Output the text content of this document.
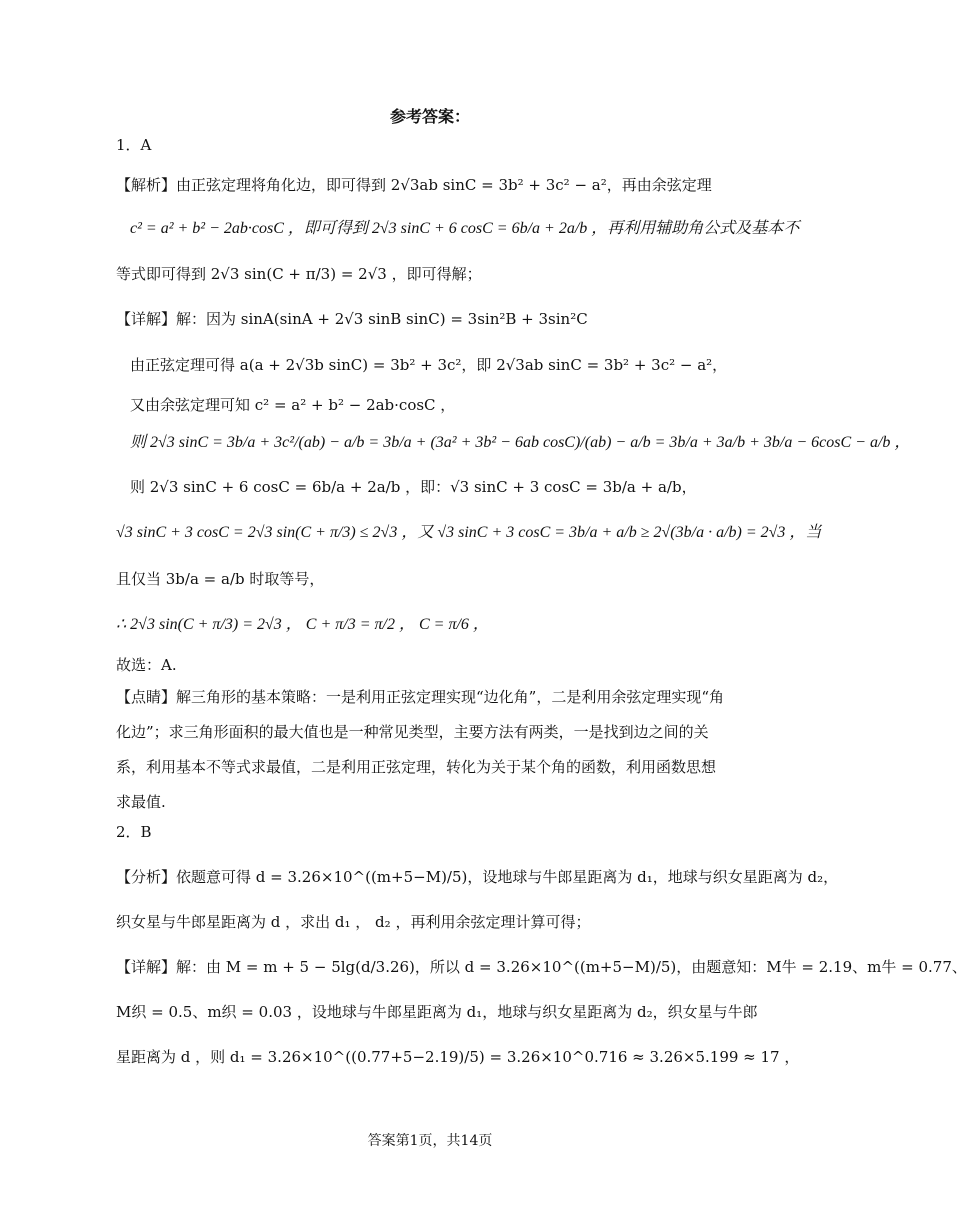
参考答案：
1．A
【解析】由正弦定理将角化边，即可得到 2√3ab sinC = 3b² + 3c² − a²，再由余弦定理
c² = a² + b² − 2ab·cosC ，即可得到 2√3 sinC + 6 cosC = 6b/a + 2a/b ，再利用辅助角公式及基本不
等式即可得到 2√3 sin(C + π/3) = 2√3 ，即可得解；
【详解】解：因为 sinA(sinA + 2√3 sinB sinC) = 3sin²B + 3sin²C
由正弦定理可得 a(a + 2√3b sinC) = 3b² + 3c²，即 2√3ab sinC = 3b² + 3c² − a²，
又由余弦定理可知 c² = a² + b² − 2ab·cosC ，
则 2√3 sinC = 3b/a + 3c²/(ab) − a/b = 3b/a + (3a² + 3b² − 6ab cosC)/(ab) − a/b = 3b/a + 3a/b + 3b/a − 6cosC − a/b ，
则 2√3 sinC + 6 cosC = 6b/a + 2a/b ，即：√3 sinC + 3 cosC = 3b/a + a/b，
√3 sinC + 3 cosC = 2√3 sin(C + π/3) ≤ 2√3 ，又 √3 sinC + 3 cosC = 3b/a + a/b ≥ 2√(3b/a · a/b) = 2√3 ，当
且仅当 3b/a = a/b 时取等号，
∴ 2√3 sin(C + π/3) = 2√3 ， C + π/3 = π/2 ， C = π/6 ，
故选：A.
【点睛】解三角形的基本策略：一是利用正弦定理实现“边化角”，二是利用余弦定理实现“角
化边”；求三角形面积的最大值也是一种常见类型，主要方法有两类，一是找到边之间的关
系，利用基本不等式求最值，二是利用正弦定理，转化为关于某个角的函数，利用函数思想
求最值.
2．B
【分析】依题意可得 d = 3.26×10^((m+5−M)/5)，设地球与牛郎星距离为 d₁，地球与织女星距离为 d₂，
织女星与牛郎星距离为 d ，求出 d₁ ， d₂ ，再利用余弦定理计算可得；
【详解】解：由 M = m + 5 − 5lg(d/3.26)，所以 d = 3.26×10^((m+5−M)/5)，由题意知：M牛 = 2.19、m牛 = 0.77、
M织 = 0.5、m织 = 0.03 ，设地球与牛郎星距离为 d₁，地球与织女星距离为 d₂，织女星与牛郎
星距离为 d ，则 d₁ = 3.26×10^((0.77+5−2.19)/5) = 3.26×10^0.716 ≈ 3.26×5.199 ≈ 17 ，
答案第1页，共14页
